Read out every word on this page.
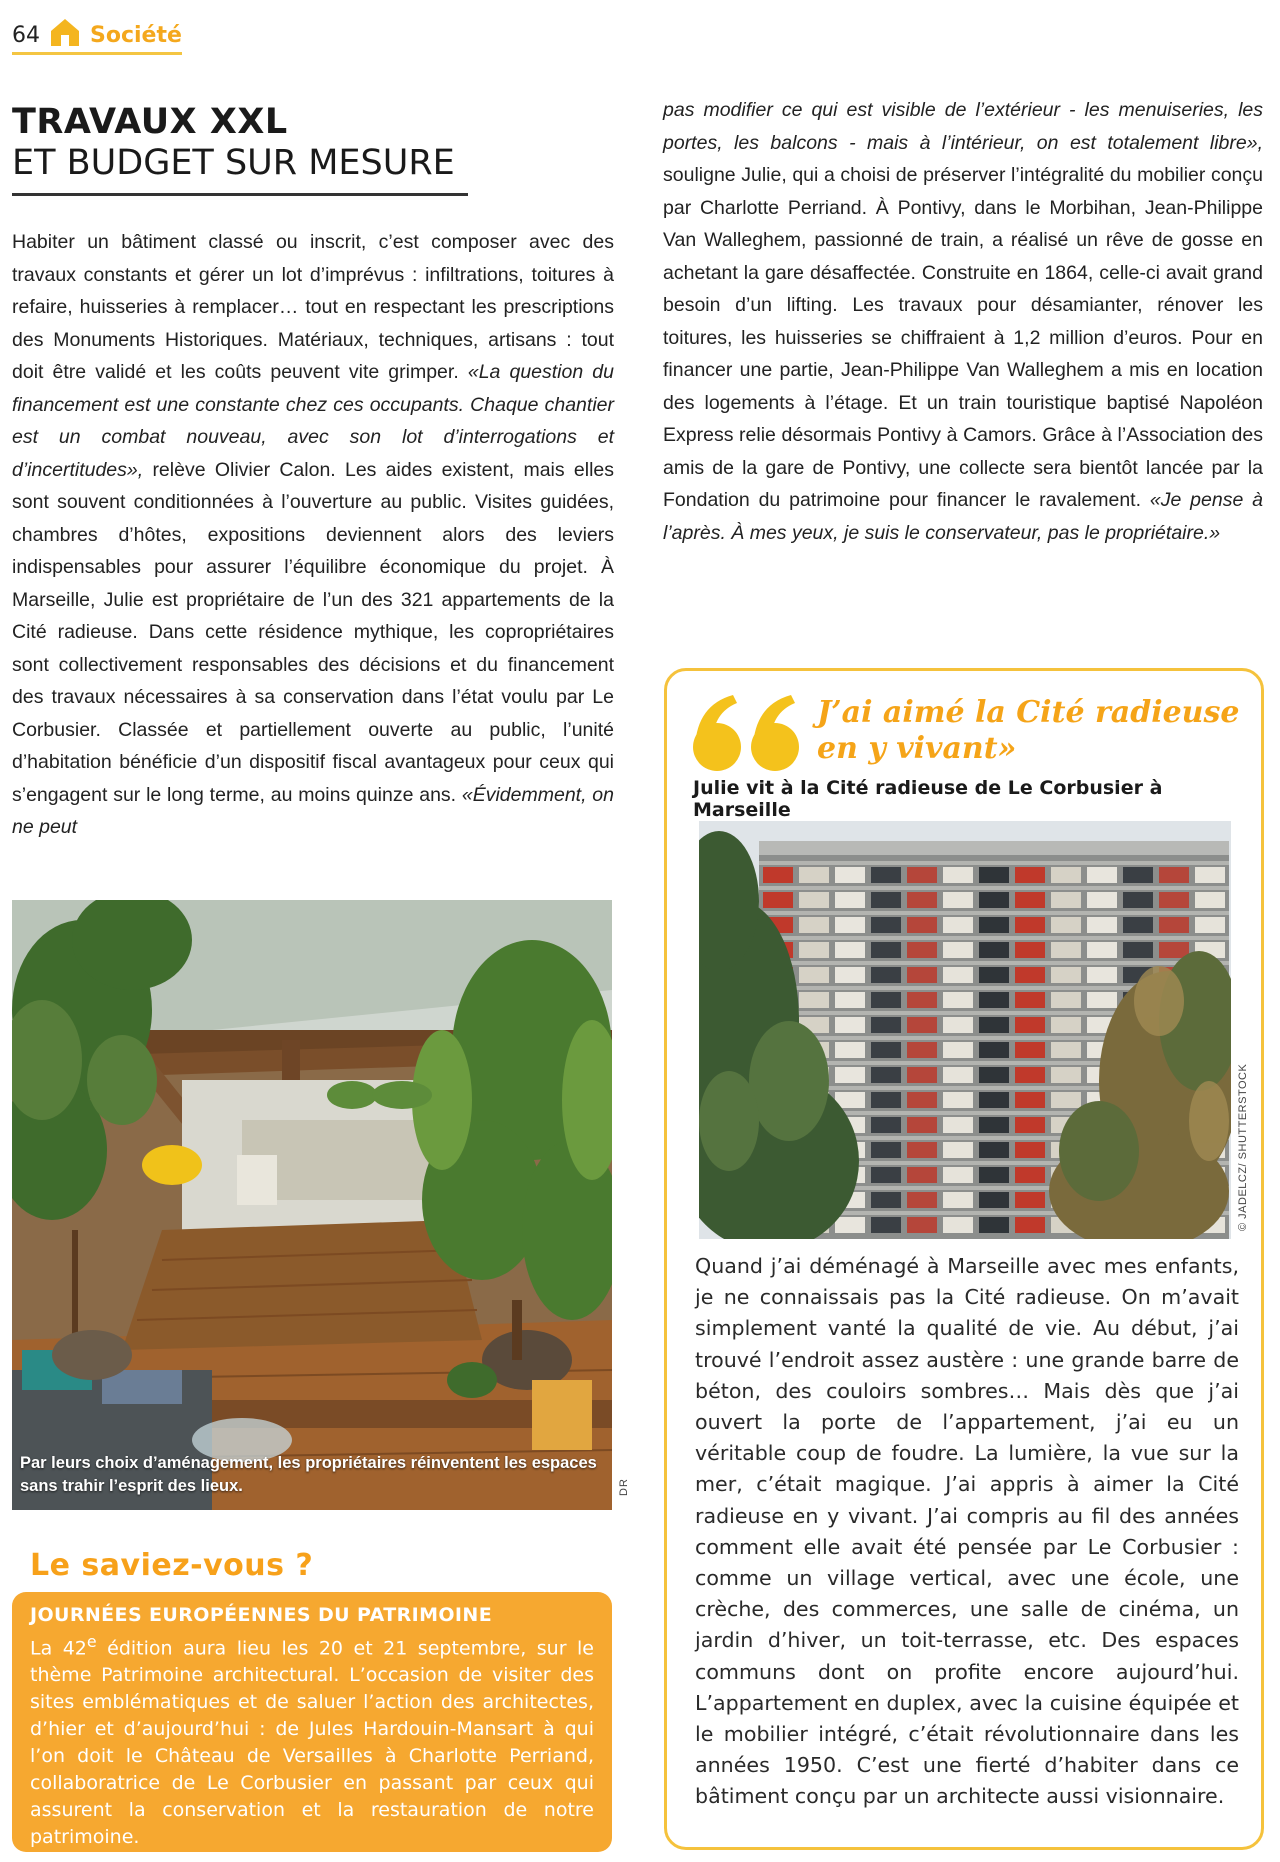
64 Société
TRAVAUX XXL
ET BUDGET SUR MESURE

Habiter un bâtiment classé ou inscrit, c’est composer avec des travaux constants et gérer un lot d’imprévus : infiltrations, toitures à refaire, huisseries à remplacer… tout en respectant les prescriptions des Monuments Historiques. Matériaux, techniques, artisans : tout doit être validé et les coûts peuvent vite grimper. «La question du financement est une constante chez ces occupants. Chaque chantier est un combat nouveau, avec son lot d’interrogations et d’incertitudes», relève Olivier Calon. Les aides existent, mais elles sont souvent conditionnées à l’ouverture au public. Visites guidées, chambres d’hôtes, expositions deviennent alors des leviers indispensables pour assurer l’équilibre économique du projet. À Marseille, Julie est propriétaire de l’un des 321 appartements de la Cité radieuse. Dans cette résidence mythique, les copropriétaires sont collectivement responsables des décisions et du financement des travaux nécessaires à sa conservation dans l’état voulu par Le Corbusier. Classée et partiellement ouverte au public, l’unité d’habitation bénéficie d’un dispositif fiscal avantageux pour ceux qui s’engagent sur le long terme, au moins quinze ans. «Évidemment, on ne peut

pas modifier ce qui est visible de l’extérieur - les menuiseries, les portes, les balcons - mais à l’intérieur, on est totalement libre», souligne Julie, qui a choisi de préserver l’intégralité du mobilier conçu par Charlotte Perriand. À Pontivy, dans le Morbihan, Jean-Philippe Van Walleghem, passionné de train, a réalisé un rêve de gosse en achetant la gare désaffectée. Construite en 1864, celle-ci avait grand besoin d’un lifting. Les travaux pour désamianter, rénover les toitures, les huisseries se chiffraient à 1,2 million d’euros. Pour en financer une partie, Jean-Philippe Van Walleghem a mis en location des logements à l’étage. Et un train touristique baptisé Napoléon Express relie désormais Pontivy à Camors. Grâce à l’Association des amis de la gare de Pontivy, une collecte sera bientôt lancée par la Fondation du patrimoine pour financer le ravalement. «Je pense à l’après. À mes yeux, je suis le conservateur, pas le propriétaire.»

Par leurs choix d’aménagement, les propriétaires réinventent les espaces sans trahir l’esprit des lieux.	DR
Le saviez-vous ?
JOURNÉES EUROPÉENNES DU PATRIMOINE
La 42e édition aura lieu les 20 et 21 septembre, sur le thème Patrimoine architectural. L’occasion de visiter des sites emblématiques et de saluer l’action des architectes, d’hier et d’aujourd’hui : de Jules Hardouin-Mansart à qui l’on doit le Château de Versailles à Charlotte Perriand, collaboratrice de Le Corbusier en passant par ceux qui assurent la conservation et la restauration de notre patrimoine.
J’ai aimé la Cité radieuse en y vivant»
Julie vit à la Cité radieuse de Le Corbusier à Marseille
© JADELCZ/ SHUTTERSTOCK
Quand j’ai déménagé à Marseille avec mes enfants, je ne connaissais pas la Cité radieuse. On m’avait simplement vanté la qualité de vie. Au début, j’ai trouvé l’endroit assez austère : une grande barre de béton, des couloirs sombres… Mais dès que j’ai ouvert la porte de l’appartement, j’ai eu un véritable coup de foudre. La lumière, la vue sur la mer, c’était magique. J’ai appris à aimer la Cité radieuse en y vivant. J’ai compris au fil des années comment elle avait été pensée par Le Corbusier : comme un village vertical, avec une école, une crèche, des commerces, une salle de cinéma, un jardin d’hiver, un toit-terrasse, etc. Des espaces communs dont on profite encore aujourd’hui. L’appartement en duplex, avec la cuisine équipée et le mobilier intégré, c’était révolutionnaire dans les années 1950. C’est une fierté d’habiter dans ce bâtiment conçu par un architecte aussi visionnaire.
